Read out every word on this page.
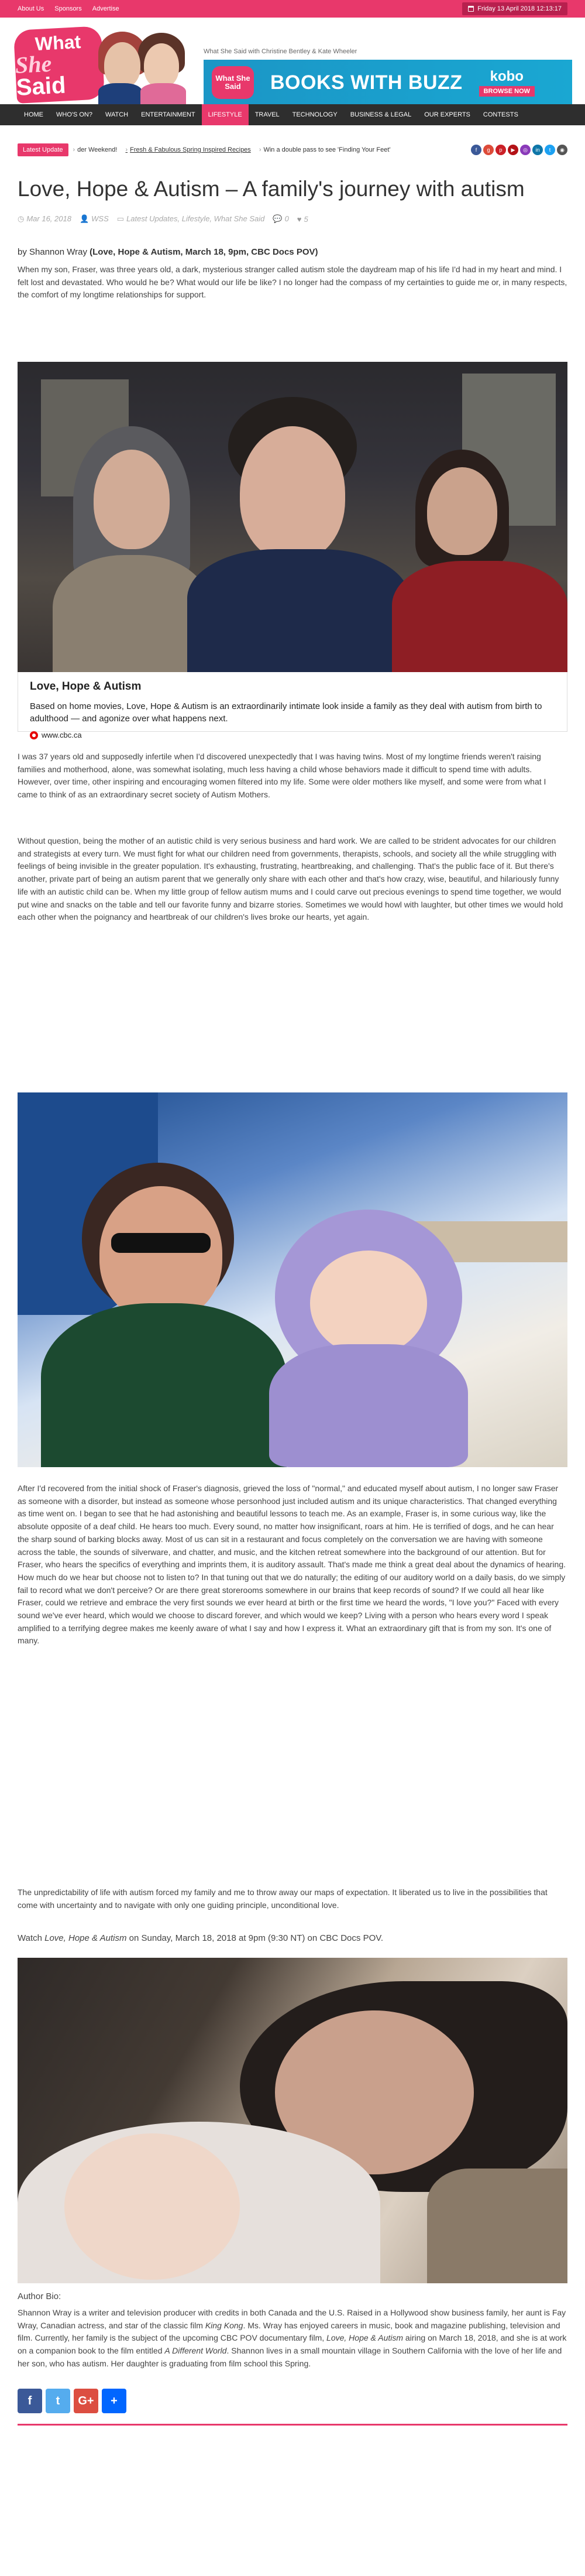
About Us	Sponsors	Advertise	Friday 13 April 2018 12:13:17
What
She Said
What She Said with Christine Bentley & Kate Wheeler
What She Said	BOOKS WITH BUZZ kobo
BROWSE NOW
HOME	WHO'S ON?	WATCH	ENTERTAINMENT	LIFESTYLE	TRAVEL	TECHNOLOGY	BUSINESS & LEGAL	OUR EXPERTS	CONTESTS
Latest Update	› der Weekend!	› Fresh & Fabulous Spring Inspired Recipes	› Win a double pass to see 'Finding Your Feet'	f	g	p	▶	◎	in	t	◉
Love, Hope & Autism – A family's journey with autism
◷ Mar 16, 2018 👤 WSS ▭ Latest Updates, Lifestyle, What She Said 💬 0 ♥ 5
by Shannon Wray (Love, Hope & Autism, March 18, 9pm, CBC Docs POV)

When my son, Fraser, was three years old, a dark, mysterious stranger called autism stole the daydream map of his life I'd had in my heart and mind. I felt lost and devastated. Who would he be? What would our life be like? I no longer had the compass of my certainties to guide me or, in many respects, the comfort of my longtime relationships for support.

Love, Hope & Autism
Based on home movies, Love, Hope & Autism is an extraordinarily intimate look inside a family as they deal with autism from birth to adulthood — and agonize over what happens next.
www.cbc.ca

I was 37 years old and supposedly infertile when I'd discovered unexpectedly that I was having twins. Most of my longtime friends weren't raising families and motherhood, alone, was somewhat isolating, much less having a child whose behaviors made it difficult to spend time with adults. However, over time, other inspiring and encouraging women filtered into my life. Some were older mothers like myself, and some were from what I came to think of as an extraordinary secret society of Autism Mothers.

Without question, being the mother of an autistic child is very serious business and hard work. We are called to be strident advocates for our children and strategists at every turn. We must fight for what our children need from governments, therapists, schools, and society all the while struggling with feelings of being invisible in the greater population. It's exhausting, frustrating, heartbreaking, and challenging. That's the public face of it. But there's another, private part of being an autism parent that we generally only share with each other and that's how crazy, wise, beautiful, and hilariously funny life with an autistic child can be. When my little group of fellow autism mums and I could carve out precious evenings to spend time together, we would put wine and snacks on the table and tell our favorite funny and bizarre stories. Sometimes we would howl with laughter, but other times we would hold each other when the poignancy and heartbreak of our children's lives broke our hearts, yet again.

After I'd recovered from the initial shock of Fraser's diagnosis, grieved the loss of "normal," and educated myself about autism, I no longer saw Fraser as someone with a disorder, but instead as someone whose personhood just included autism and its unique characteristics. That changed everything as time went on. I began to see that he had astonishing and beautiful lessons to teach me. As an example, Fraser is, in some curious way, like the absolute opposite of a deaf child. He hears too much. Every sound, no matter how insignificant, roars at him. He is terrified of dogs, and he can hear the sharp sound of barking blocks away. Most of us can sit in a restaurant and focus completely on the conversation we are having with someone across the table, the sounds of silverware, and chatter, and music, and the kitchen retreat somewhere into the background of our attention. But for Fraser, who hears the specifics of everything and imprints them, it is auditory assault. That's made me think a great deal about the dynamics of hearing. How much do we hear but choose not to listen to? In that tuning out that we do naturally; the editing of our auditory world on a daily basis, do we simply fail to record what we don't perceive? Or are there great storerooms somewhere in our brains that keep records of sound? If we could all hear like Fraser, could we retrieve and embrace the very first sounds we ever heard at birth or the first time we heard the words, "I love you?" Faced with every sound we've ever heard, which would we choose to discard forever, and which would we keep? Living with a person who hears every word I speak amplified to a terrifying degree makes me keenly aware of what I say and how I express it. What an extraordinary gift that is from my son. It's one of many.

The unpredictability of life with autism forced my family and me to throw away our maps of expectation. It liberated us to live in the possibilities that come with uncertainty and to navigate with only one guiding principle, unconditional love.

Watch Love, Hope & Autism on Sunday, March 18, 2018 at 9pm (9:30 NT) on CBC Docs POV.

Author Bio:

Shannon Wray is a writer and television producer with credits in both Canada and the U.S. Raised in a Hollywood show business family, her aunt is Fay Wray, Canadian actress, and star of the classic film King Kong. Ms. Wray has enjoyed careers in music, book and magazine publishing, television and film. Currently, her family is the subject of the upcoming CBC POV documentary film, Love, Hope & Autism airing on March 18, 2018, and she is at work on a companion book to the film entitled A Different World. Shannon lives in a small mountain village in Southern California with the love of her life and her son, who has autism. Her daughter is graduating from film school this Spring.

f	t	G+	+
